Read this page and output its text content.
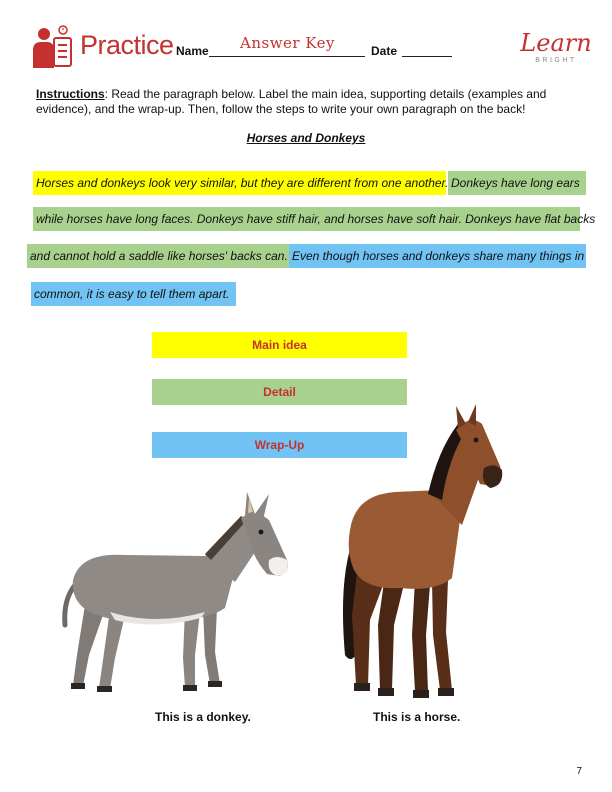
Practice Name Answer Key	Date	Learn
BRIGHT
Instructions: Read the paragraph below. Label the main idea, supporting details (examples and evidence), and the wrap-up. Then, follow the steps to write your own paragraph on the back!
Horses and Donkeys
Horses and donkeys look very similar, but they are different from one another. Donkeys have long ears
while horses have long faces. Donkeys have stiff hair, and horses have soft hair. Donkeys have flat backs
and cannot hold a saddle like horses' backs can. Even though horses and donkeys share many things in
common, it is easy to tell them apart.
Main idea
Detail
Wrap-Up
This is a donkey.	This is a horse.
7
